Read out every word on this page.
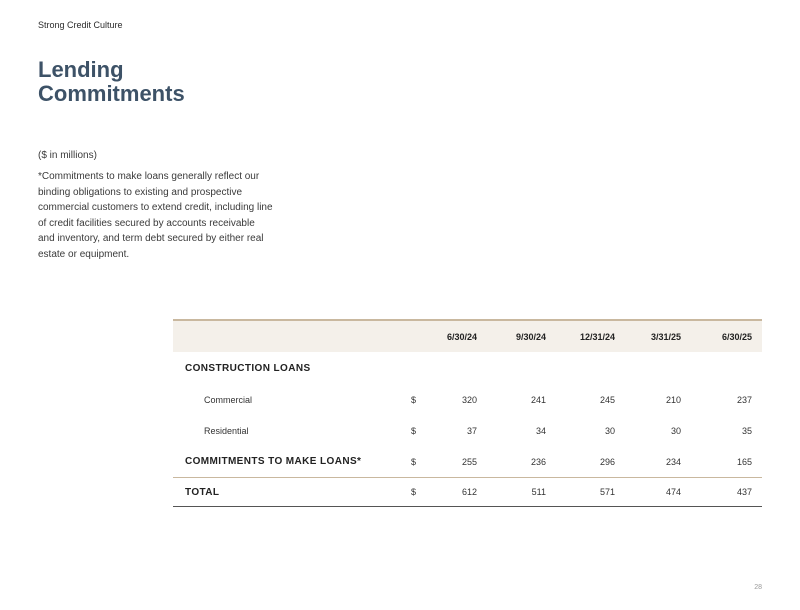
Strong Credit Culture
Lending
Commitments
($ in millions)
*Commitments to make loans generally reflect our binding obligations to existing and prospective commercial customers to extend credit, including line of credit facilities secured by accounts receivable and inventory, and term debt secured by either real estate or equipment.
		6/30/24	9/30/24	12/31/24	3/31/25	6/30/25
CONSTRUCTION LOANS						
Commercial	$	320	241	245	210	237
Residential	$	37	34	30	30	35
COMMITMENTS TO MAKE LOANS*	$	255	236	296	234	165
TOTAL	$	612	511	571	474	437
28
